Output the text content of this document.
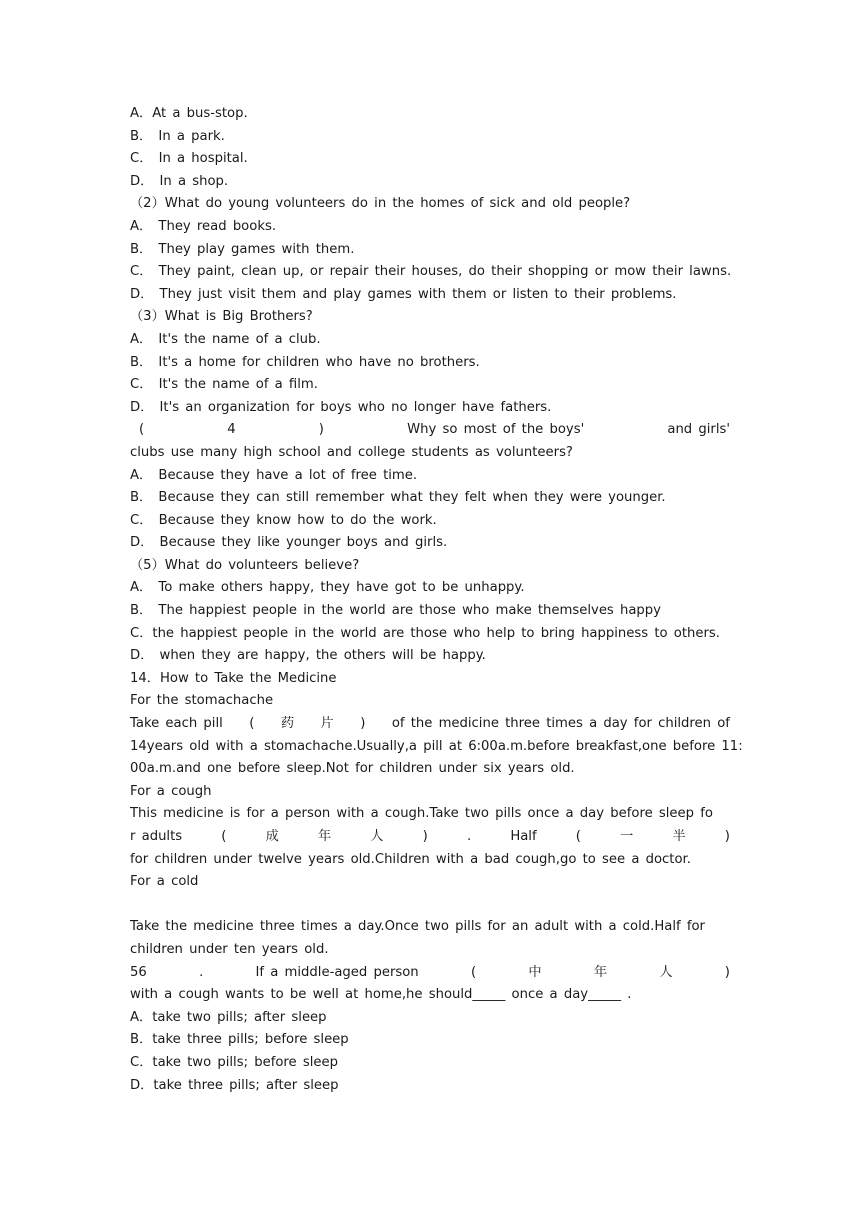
A．At a bus-stop.
B． In a park.
C． In a hospital.
D． In a shop.
（2）What do young volunteers do in the homes of sick and old people?
A． They read books.
B． They play games with them.
C． They paint, clean up, or repair their houses, do their shopping or mow their lawns.
D． They just visit them and play games with them or listen to their problems.
（3）What is Big Brothers?
A． It's the name of a club.
B． It's a home for children who have no brothers.
C． It's the name of a film.
D． It's an organization for boys who no longer have fathers.
(	4	)	Why so most of the boys'	and girls'
clubs use many high school and college students as volunteers?
A． Because they have a lot of free time.
B． Because they can still remember what they felt when they were younger.
C． Because they know how to do the work.
D． Because they like younger boys and girls.
（5）What do volunteers believe?
A． To make others happy, they have got to be unhappy.
B． The happiest people in the world are those who make themselves happy
C．the happiest people in the world are those who help to bring happiness to others.
D． when they are happy, the others will be happy.
14．How to Take the Medicine
For the stomachache
Take each pill ( 药 片 ) of the medicine three times a day for children of
14years old with a stomachache.Usually,a pill at 6:00a.m.before breakfast,one before 11:
00a.m.and one before sleep.Not for children under six years old.
For a cough
This medicine is for a person with a cough.Take two pills once a day before sleep fo
r adults	(	成	年	人	)	.	Half	(	一	半	)
for children under twelve years old.Children with a bad cough,go to see a doctor.
For a cold
Take the medicine three times a day.Once two pills for an adult with a cold.Half for
children under ten years old.
56	.	If a middle-aged person	(	中	年	人	)
with a cough wants to be well at home,he should_____ once a day_____ .
A．take two pills; after sleep
B．take three pills; before sleep
C．take two pills; before sleep
D．take three pills; after sleep
